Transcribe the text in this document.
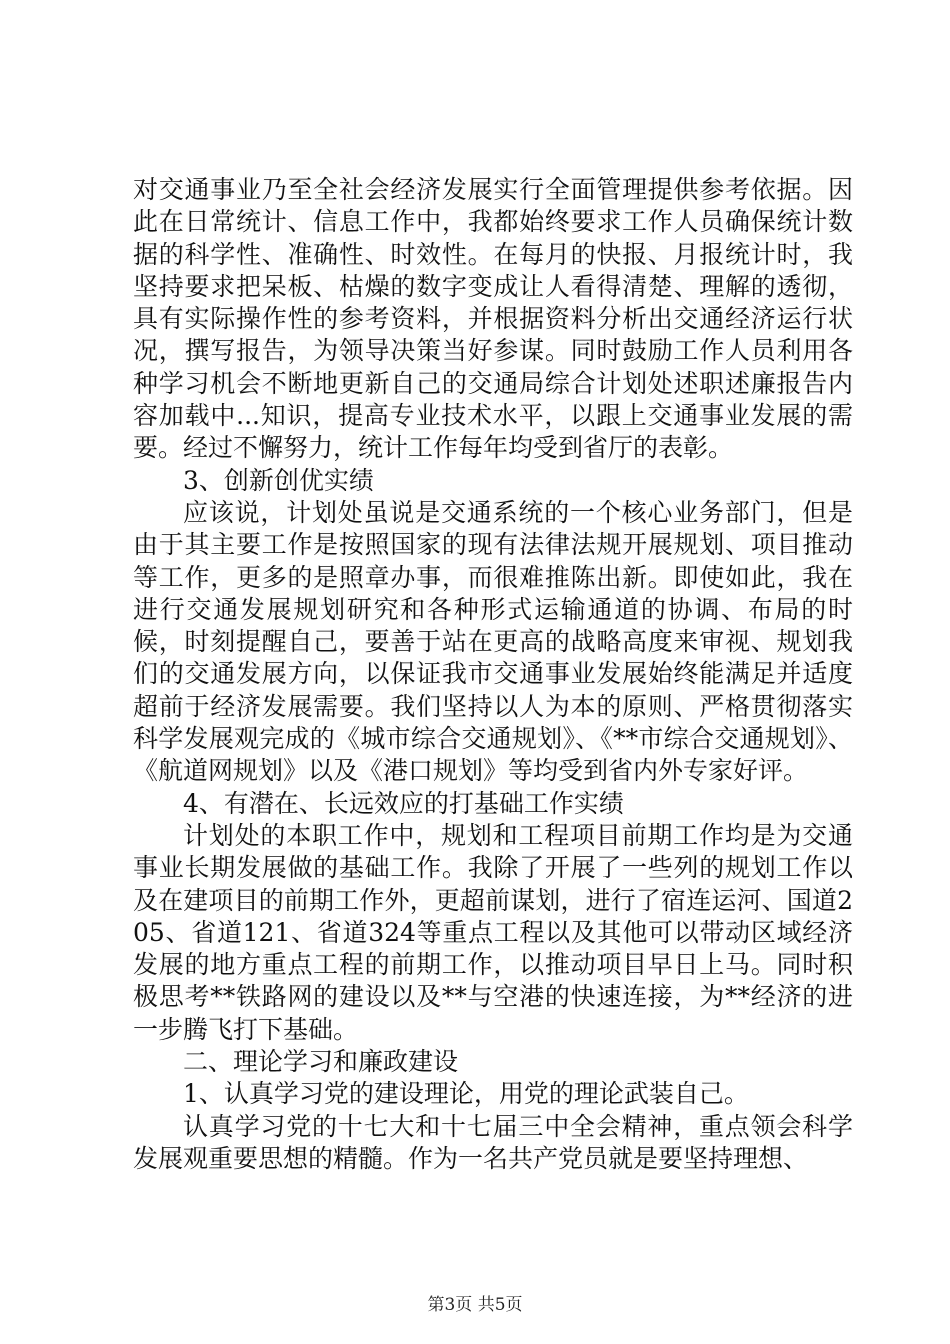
对交通事业乃至全社会经济发展实行全面管理提供参考依据。因此在日常统计、信息工作中，我都始终要求工作人员确保统计数据的科学性、准确性、时效性。在每月的快报、月报统计时，我坚持要求把呆板、枯燥的数字变成让人看得清楚、理解的透彻，具有实际操作性的参考资料，并根据资料分析出交通经济运行状况，撰写报告，为领导决策当好参谋。同时鼓励工作人员利用各种学习机会不断地更新自己的交通局综合计划处述职述廉报告内容加载中...知识，提高专业技术水平，以跟上交通事业发展的需要。经过不懈努力，统计工作每年均受到省厅的表彰。

3、创新创优实绩

应该说，计划处虽说是交通系统的一个核心业务部门，但是由于其主要工作是按照国家的现有法律法规开展规划、项目推动等工作，更多的是照章办事，而很难推陈出新。即使如此，我在进行交通发展规划研究和各种形式运输通道的协调、布局的时候，时刻提醒自己，要善于站在更高的战略高度来审视、规划我们的交通发展方向，以保证我市交通事业发展始终能满足并适度超前于经济发展需要。我们坚持以人为本的原则、严格贯彻落实科学发展观完成的《城市综合交通规划》、《**市综合交通规划》、《航道网规划》以及《港口规划》等均受到省内外专家好评。

4、有潜在、长远效应的打基础工作实绩

计划处的本职工作中，规划和工程项目前期工作均是为交通事业长期发展做的基础工作。我除了开展了一些列的规划工作以及在建项目的前期工作外，更超前谋划，进行了宿连运河、国道205、省道121、省道324等重点工程以及其他可以带动区域经济发展的地方重点工程的前期工作，以推动项目早日上马。同时积极思考**铁路网的建设以及**与空港的快速连接，为**经济的进一步腾飞打下基础。

二、理论学习和廉政建设

1、认真学习党的建设理论，用党的理论武装自己。

认真学习党的十七大和十七届三中全会精神，重点领会科学发展观重要思想的精髓。作为一名共产党员就是要坚持理想、

第3页 共5页
